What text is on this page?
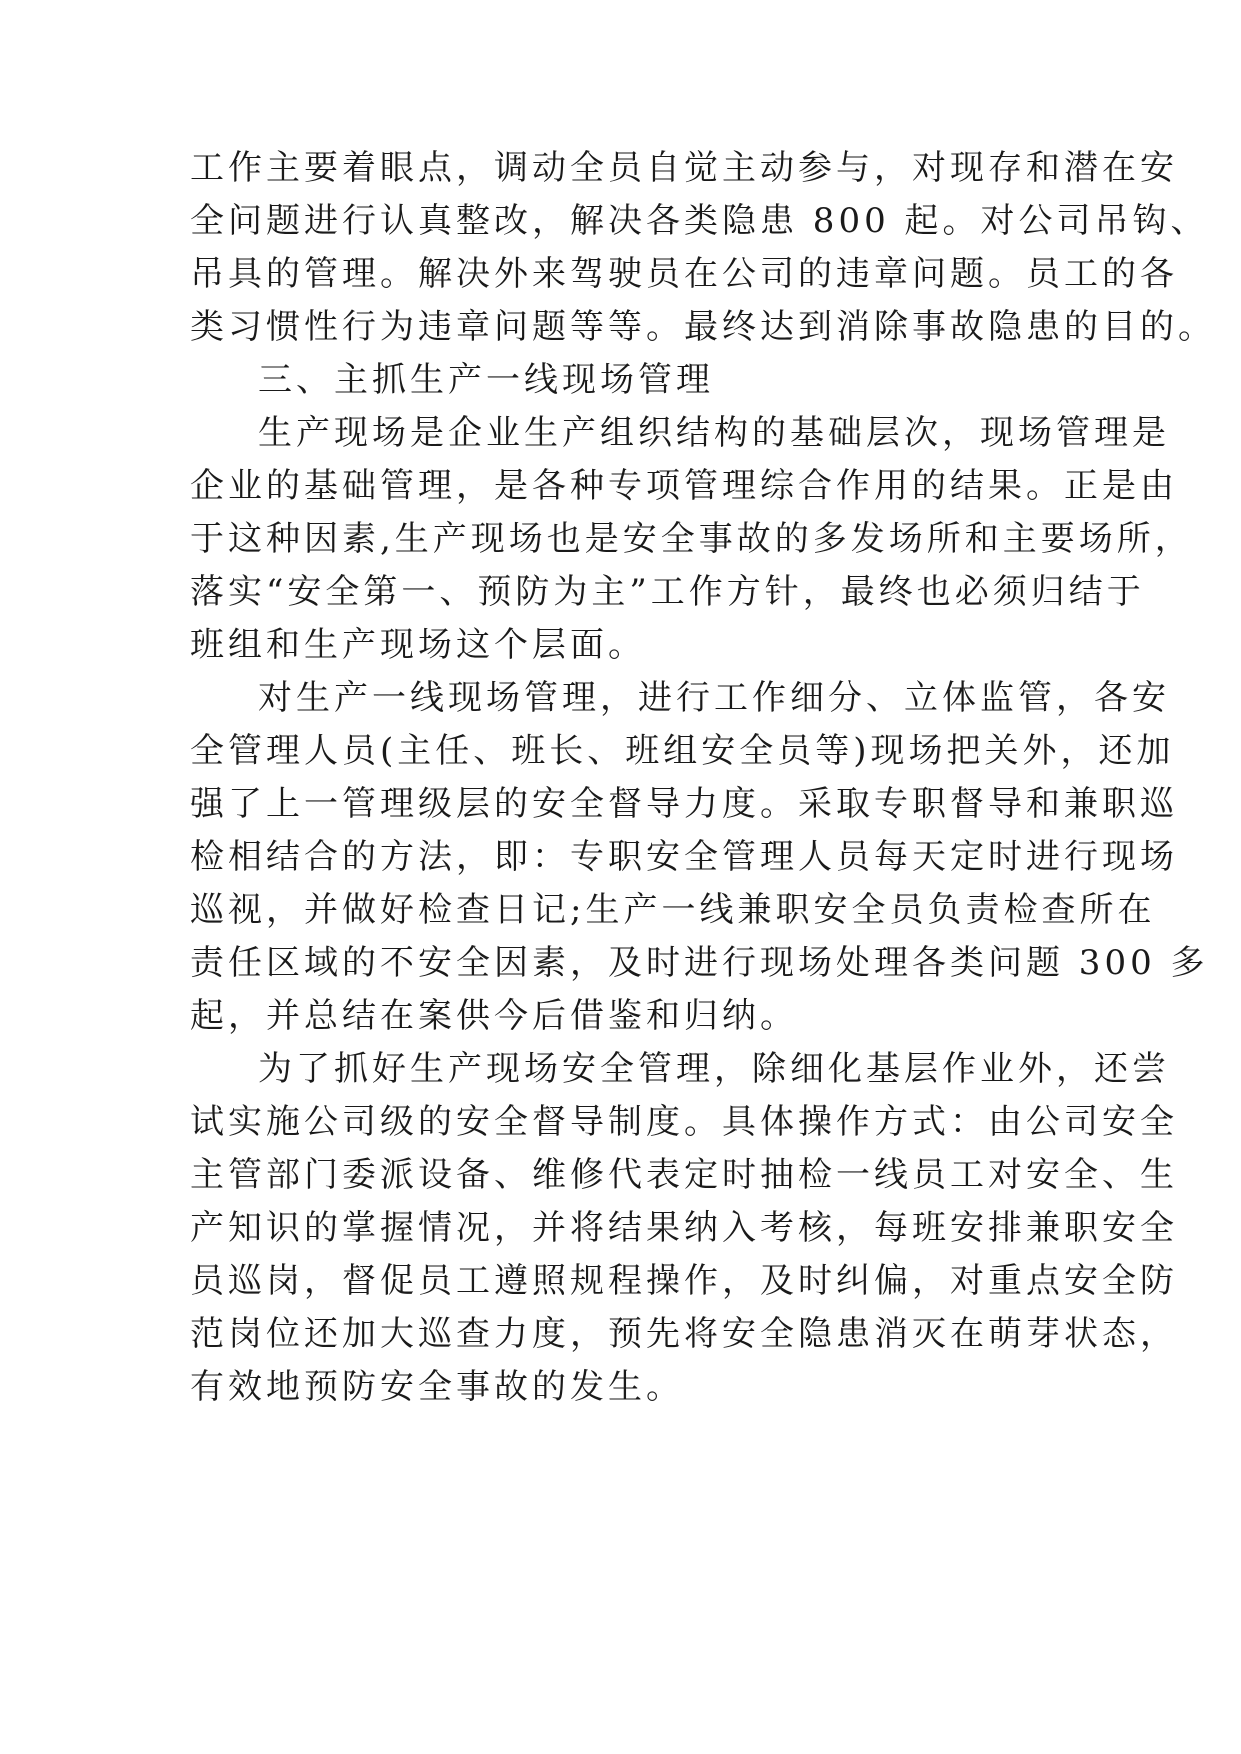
工作主要着眼点，调动全员自觉主动参与，对现存和潜在安
全问题进行认真整改，解决各类隐患 800 起。对公司吊钩、
吊具的管理。解决外来驾驶员在公司的违章问题。员工的各
类习惯性行为违章问题等等。最终达到消除事故隐患的目的。
三、主抓生产一线现场管理
生产现场是企业生产组织结构的基础层次，现场管理是
企业的基础管理，是各种专项管理综合作用的结果。正是由
于这种因素,生产现场也是安全事故的多发场所和主要场所，
落实“安全第一、预防为主”工作方针，最终也必须归结于
班组和生产现场这个层面。
对生产一线现场管理，进行工作细分、立体监管，各安
全管理人员(主任、班长、班组安全员等)现场把关外，还加
强了上一管理级层的安全督导力度。采取专职督导和兼职巡
检相结合的方法，即：专职安全管理人员每天定时进行现场
巡视，并做好检查日记;生产一线兼职安全员负责检查所在
责任区域的不安全因素，及时进行现场处理各类问题 300 多
起，并总结在案供今后借鉴和归纳。
为了抓好生产现场安全管理，除细化基层作业外，还尝
试实施公司级的安全督导制度。具体操作方式：由公司安全
主管部门委派设备、维修代表定时抽检一线员工对安全、生
产知识的掌握情况，并将结果纳入考核，每班安排兼职安全
员巡岗，督促员工遵照规程操作，及时纠偏，对重点安全防
范岗位还加大巡查力度，预先将安全隐患消灭在萌芽状态，
有效地预防安全事故的发生。
